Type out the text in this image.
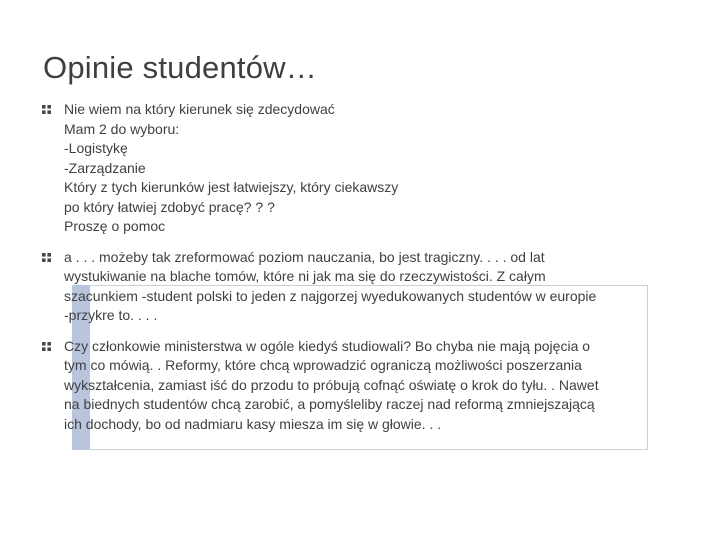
Opinie studentów…
Nie wiem na który kierunek się zdecydować
Mam 2 do wyboru:
-Logistykę
-Zarządzanie
Który z tych kierunków jest łatwiejszy, który ciekawszy
po który łatwiej zdobyć pracę? ? ?
Proszę o pomoc
a . . . możeby tak zreformować poziom nauczania, bo jest tragiczny. . . . od lat
wystukiwanie na blache tomów, które ni jak ma się do rzeczywistości. Z całym
szacunkiem -student polski to jeden z najgorzej wyedukowanych studentów w europie
-przykre to. . . .
Czy członkowie ministerstwa w ogóle kiedyś studiowali? Bo chyba nie mają pojęcia o
tym co mówią. . Reformy, które chcą wprowadzić ograniczą możliwości poszerzania
wykształcenia, zamiast iść do przodu to próbują cofnąć oświatę o krok do tyłu. . Nawet
na biednych studentów chcą zarobić, a pomyśleliby raczej nad reformą zmniejszającą
ich dochody, bo od nadmiaru kasy miesza im się w głowie. . .
